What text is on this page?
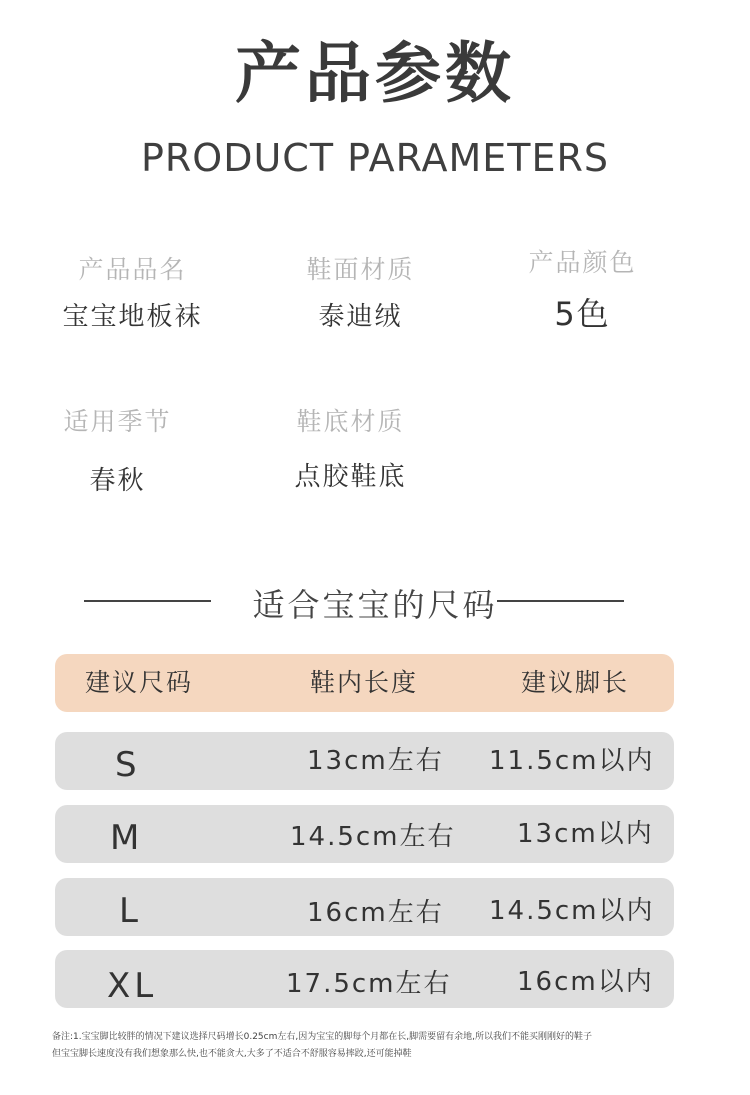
产品参数
PRODUCT PARAMETERS
产品品名
宝宝地板袜
鞋面材质
泰迪绒
产品颜色
5色
适用季节
春秋
鞋底材质
点胶鞋底
适合宝宝的尺码
建议尺码	鞋内长度	建议脚长
S	13cm左右 11.5cm以内
M	14.5cm左右 13cm以内
L	16cm左右 14.5cm以内
XL	17.5cm左右	16cm以内
备注:1.宝宝脚比较胖的情况下建议选择尺码增长0.25cm左右,因为宝宝的脚每个月都在长,脚需要留有余地,所以我们不能买刚刚好的鞋子
但宝宝脚长速度没有我们想象那么快,也不能贪大,大多了不适合不舒服容易摔跤,还可能掉鞋
